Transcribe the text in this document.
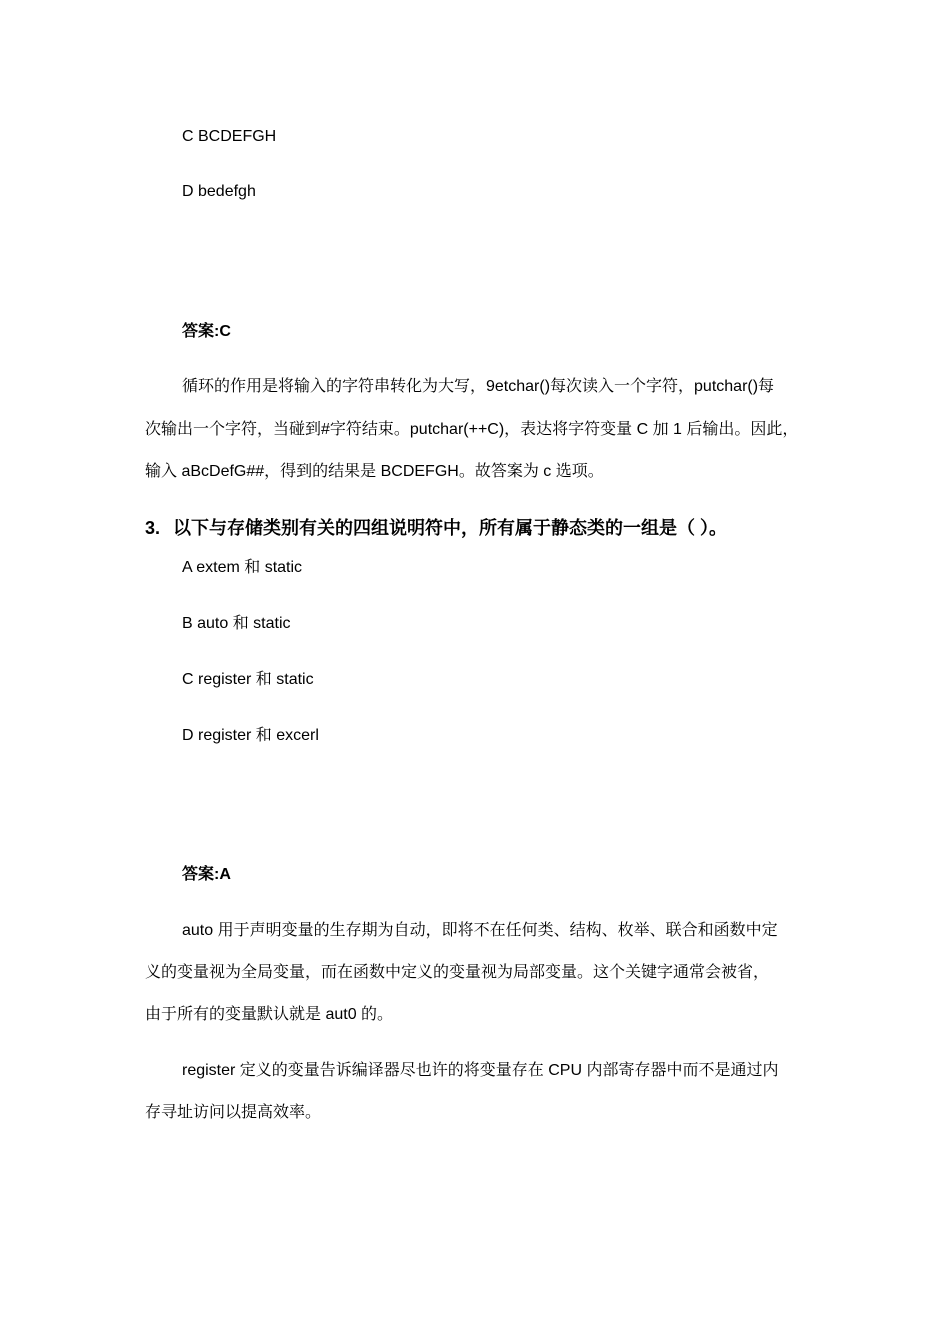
C BCDEFGH
D bedefgh
答案:C
循环的作用是将输入的字符串转化为大写，9etchar()每次读入一个字符，putchar()每
次输出一个字符，当碰到#字符结束。putchar(++C)，表达将字符变量 C 加 1 后输出。因此，
输入 aBcDefG##，得到的结果是 BCDEFGH。故答案为 c 选项。
3. 以下与存储类别有关的四组说明符中，所有属于静态类的一组是（ ）。
A extem 和 static
B auto 和 static
C register 和 static
D register 和 excerl
答案:A
auto 用于声明变量的生存期为自动，即将不在任何类、结构、枚举、联合和函数中定
义的变量视为全局变量，而在函数中定义的变量视为局部变量。这个关键字通常会被省，
由于所有的变量默认就是 aut0 的。
register 定义的变量告诉编译器尽也许的将变量存在 CPU 内部寄存器中而不是通过内
存寻址访问以提高效率。
